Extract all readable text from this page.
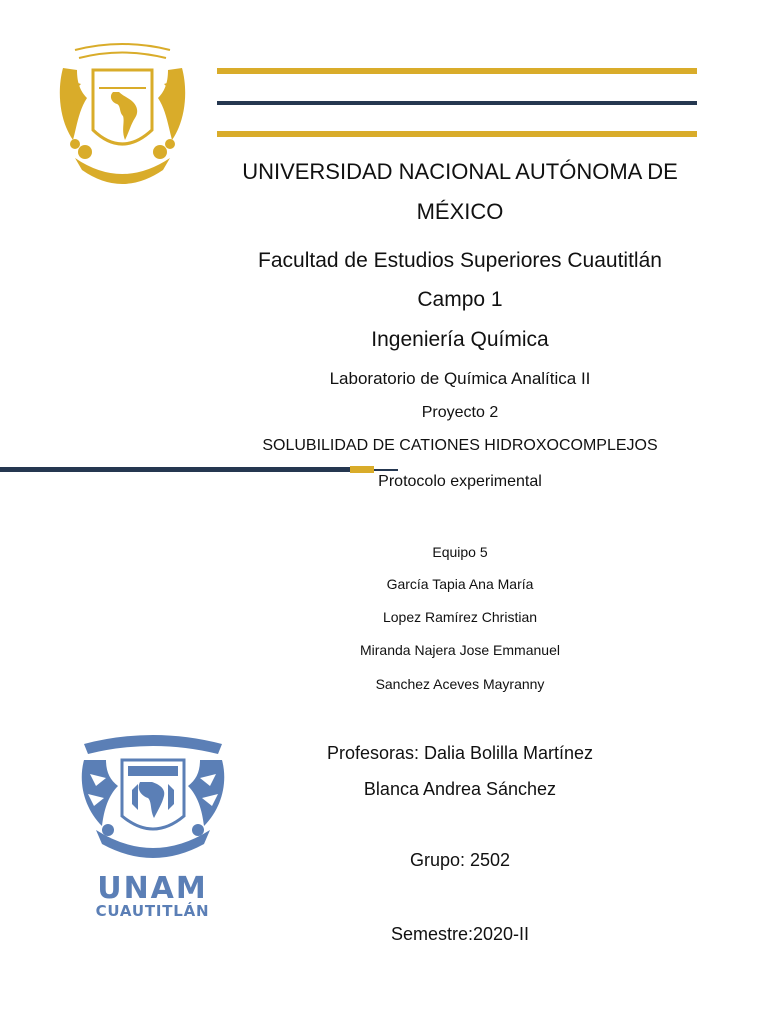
UNIVERSIDAD NACIONAL AUTÓNOMA DE
MÉXICO
Facultad de Estudios Superiores Cuautitlán
Campo 1
Ingeniería Química
Laboratorio de Química Analítica II
Proyecto 2
SOLUBILIDAD DE CATIONES HIDROXOCOMPLEJOS
Protocolo experimental
Equipo 5
García Tapia Ana María
Lopez Ramírez Christian
Miranda Najera Jose Emmanuel
Sanchez Aceves Mayranny
UNAM
CUAUTITLÁN
Profesoras: Dalia Bolilla Martínez
Blanca Andrea Sánchez
Grupo: 2502
Semestre:2020-II
